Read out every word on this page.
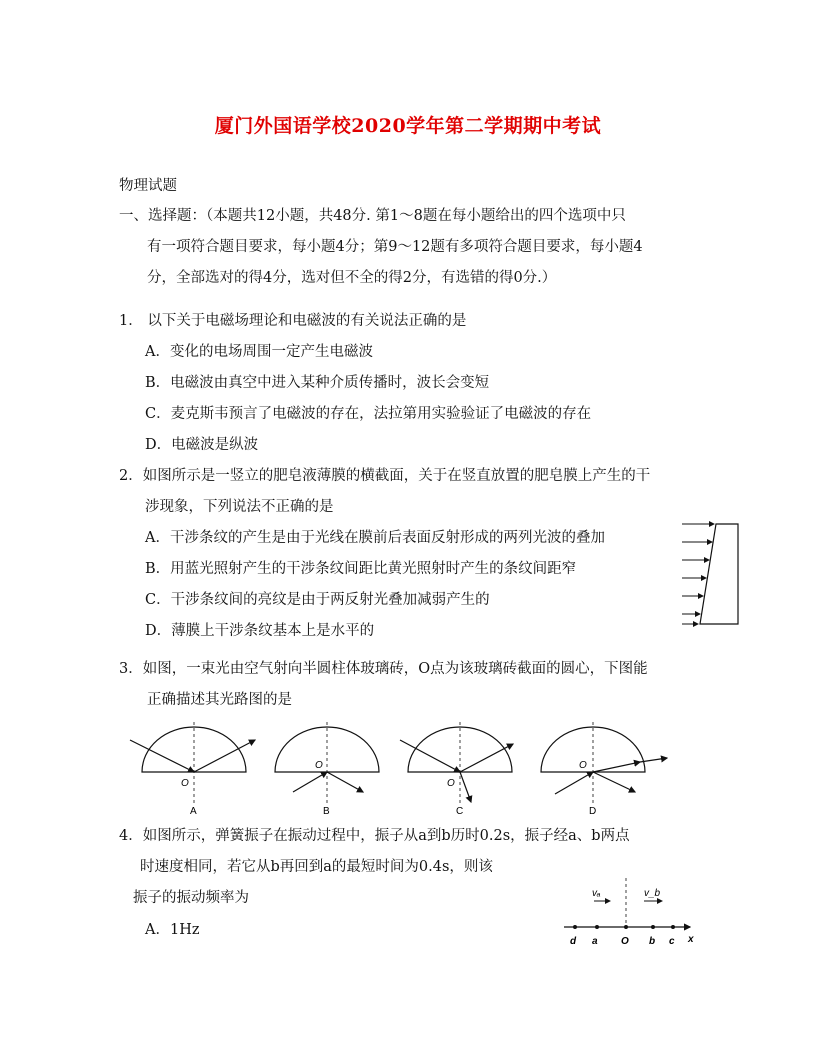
厦门外国语学校2020学年第二学期期中考试
物理试题
一、选择题：（本题共12小题，共48分. 第1～8题在每小题给出的四个选项中只
有一项符合题目要求，每小题4分；第9～12题有多项符合题目要求，每小题4
分，全部选对的得4分，选对但不全的得2分，有选错的得0分.）
1． 以下关于电磁场理论和电磁波的有关说法正确的是
A．变化的电场周围一定产生电磁波
B．电磁波由真空中进入某种介质传播时，波长会变短
C．麦克斯韦预言了电磁波的存在，法拉第用实验验证了电磁波的存在
D．电磁波是纵波
2．如图所示是一竖立的肥皂液薄膜的横截面，关于在竖直放置的肥皂膜上产生的干
涉现象，下列说法不正确的是
A．干涉条纹的产生是由于光线在膜前后表面反射形成的两列光波的叠加
B．用蓝光照射产生的干涉条纹间距比黄光照射时产生的条纹间距窄
C．干涉条纹间的亮纹是由于两反射光叠加减弱产生的
D．薄膜上干涉条纹基本上是水平的
3．如图，一束光由空气射向半圆柱体玻璃砖，O点为该玻璃砖截面的圆心，下图能
正确描述其光路图的是
O
A
O
B
O
C
O
D
4．如图所示，弹簧振子在振动过程中，振子从a到b历时0.2s，振子经a、b两点
时速度相同，若它从b再回到a的最短时间为0.4s，则该
振子的振动频率为
A．1Hz
vₐ	v_b
d a O b c x
